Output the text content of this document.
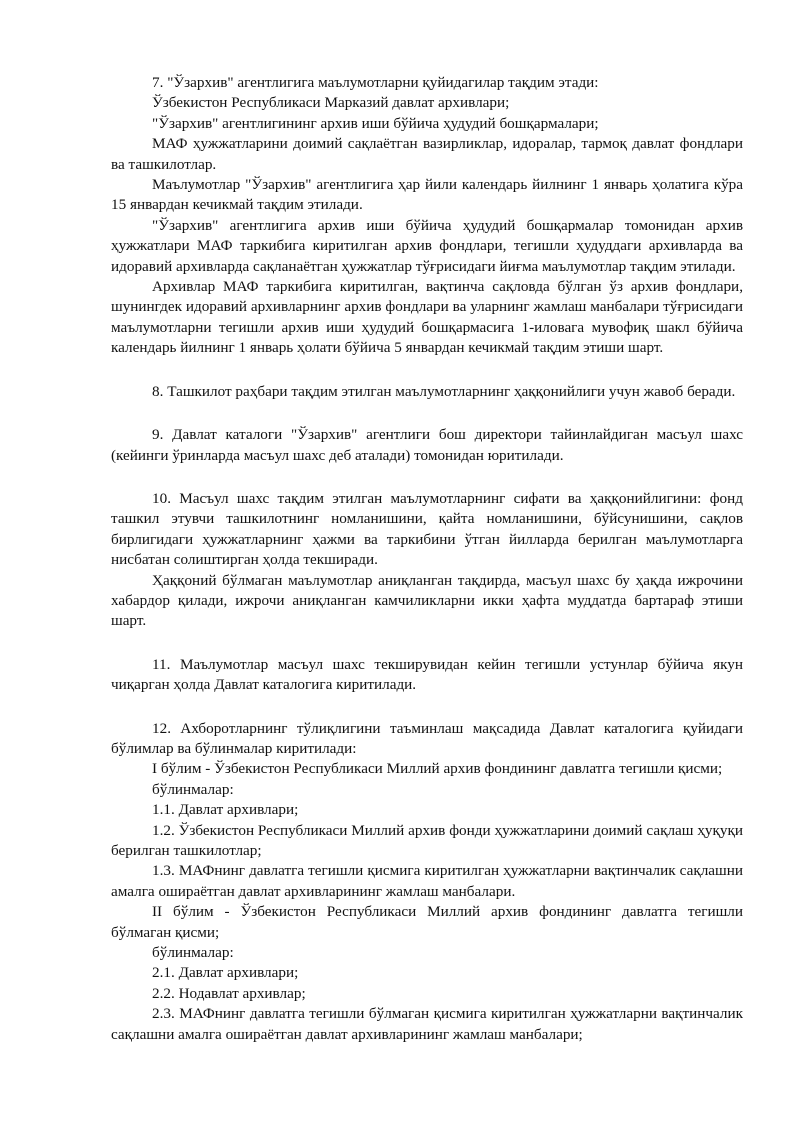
7. "Ўзархив" агентлигига маълумотларни қуйидагилар тақдим этади:

Ўзбекистон Республикаси Марказий давлат архивлари;

"Ўзархив" агентлигининг архив иши бўйича ҳудудий бошқармалари;

МАФ ҳужжатларини доимий сақлаётган вазирликлар, идоралар, тармоқ давлат фондлари ва ташкилотлар.

Маълумотлар "Ўзархив" агентлигига ҳар йили календарь йилнинг 1 январь ҳолатига кўра 15 январдан кечикмай тақдим этилади.

"Ўзархив" агентлигига архив иши бўйича ҳудудий бошқармалар томонидан архив ҳужжатлари МАФ таркибига киритилган архив фондлари, тегишли ҳудуддаги архивларда ва идоравий архивларда сақланаётган ҳужжатлар тўғрисидаги йиғма маълумотлар тақдим этилади.

Архивлар МАФ таркибига киритилган, вақтинча сақловда бўлган ўз архив фондлари, шунингдек идоравий архивларнинг архив фондлари ва уларнинг жамлаш манбалари тўғрисидаги маълумотларни тегишли архив иши ҳудудий бошқармасига 1-иловага мувофиқ шакл бўйича календарь йилнинг 1 январь ҳолати бўйича 5 январдан кечикмай тақдим этиши шарт.

8. Ташкилот раҳбари тақдим этилган маълумотларнинг ҳаққонийлиги учун жавоб беради.

9. Давлат каталоги "Ўзархив" агентлиги бош директори тайинлайдиган масъул шахс (кейинги ўринларда масъул шахс деб аталади) томонидан юритилади.

10. Масъул шахс тақдим этилган маълумотларнинг сифати ва ҳаққонийлигини: фонд ташкил этувчи ташкилотнинг номланишини, қайта номланишини, бўйсунишини, сақлов бирлигидаги ҳужжатларнинг ҳажми ва таркибини ўтган йилларда берилган маълумотларга нисбатан солиштирган ҳолда текширади.

Ҳаққоний бўлмаган маълумотлар аниқланган тақдирда, масъул шахс бу ҳақда ижрочини хабардор қилади, ижрочи аниқланган камчиликларни икки ҳафта муддатда бартараф этиши шарт.

11. Маълумотлар масъул шахс текширувидан кейин тегишли устунлар бўйича якун чиқарган ҳолда Давлат каталогига киритилади.

12. Ахборотларнинг тўлиқлигини таъминлаш мақсадида Давлат каталогига қуйидаги бўлимлар ва бўлинмалар киритилади:

I бўлим - Ўзбекистон Республикаси Миллий архив фондининг давлатга тегишли қисми;

бўлинмалар:

1.1. Давлат архивлари;

1.2. Ўзбекистон Республикаси Миллий архив фонди ҳужжатларини доимий сақлаш ҳуқуқи берилган ташкилотлар;

1.3. МАФнинг давлатга тегишли қисмига киритилган ҳужжатларни вақтинчалик сақлашни амалга ошираётган давлат архивларининг жамлаш манбалари.

II бўлим - Ўзбекистон Республикаси Миллий архив фондининг давлатга тегишли бўлмаган қисми;

бўлинмалар:

2.1. Давлат архивлари;

2.2. Нодавлат архивлар;

2.3. МАФнинг давлатга тегишли бўлмаган қисмига киритилган ҳужжатларни вақтинчалик сақлашни амалга ошираётган давлат архивларининг жамлаш манбалари;
